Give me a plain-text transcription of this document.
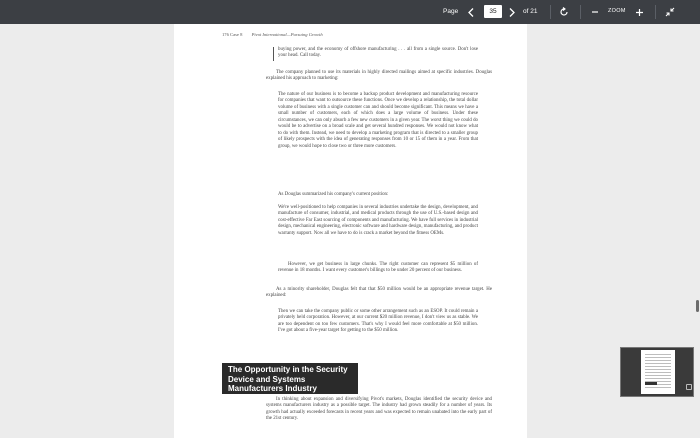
Page
35	of 21	ZOOM
176 Case 8 Pivot International—Pursuing Growth

buying power, and the economy of offshore manufacturing . . . all from a single source. Don't lose your head. Call today.

The company planned to use its materials in highly directed mailings aimed at specific industries. Douglas explained his approach to marketing:

The nature of our business is to become a backup product development and manufacturing resource for companies that want to outsource these functions. Once we develop a relationship, the total dollar volume of business with a single customer can and should become significant. This means we have a small number of customers, each of which does a large volume of business. Under these circumstances, we can only absorb a few new customers in a given year. The worst thing we could do would be to advertise on a broad scale and get several hundred responses. We would not know what to do with them. Instead, we need to develop a marketing program that is directed to a smaller group of likely prospects with the idea of generating responses from 10 or 15 of them in a year. From that group, we would hope to close two or three more customers.

As Douglas summarized his company's current position:

We're well-positioned to help companies in several industries undertake the design, development, and manufacture of consumer, industrial, and medical products through the use of U.S.-based design and cost-effective Far East sourcing of components and manufacturing. We have full services in industrial design, mechanical engineering, electronic software and hardware design, manufacturing, and product warranty support. Now all we have to do is crack a market beyond the fitness OEMs.

However, we get business in large chunks. The right customer can represent $5 million of revenue in 18 months. I want every customer's billings to be under 20 percent of our business.

As a minority shareholder, Douglas felt that that $50 million would be an appropriate revenue target. He explained:

Then we can take the company public or some other arrangement such as an ESOP. It could remain a privately held corporation. However, at our current $20 million revenue, I don't view us as stable. We are too dependent on too few customers. That's why I would feel more comfortable at $50 million. I've got about a five-year target for getting to the $50 million.

The Opportunity in the Security
Device and Systems
Manufacturers Industry

In thinking about expansion and diversifying Pivot's markets, Douglas identified the security device and systems manufacturers industry as a possible target. The industry had grown steadily for a number of years. Its growth had actually exceeded forecasts in recent years and was expected to remain unabated into the early part of the 21st century.
